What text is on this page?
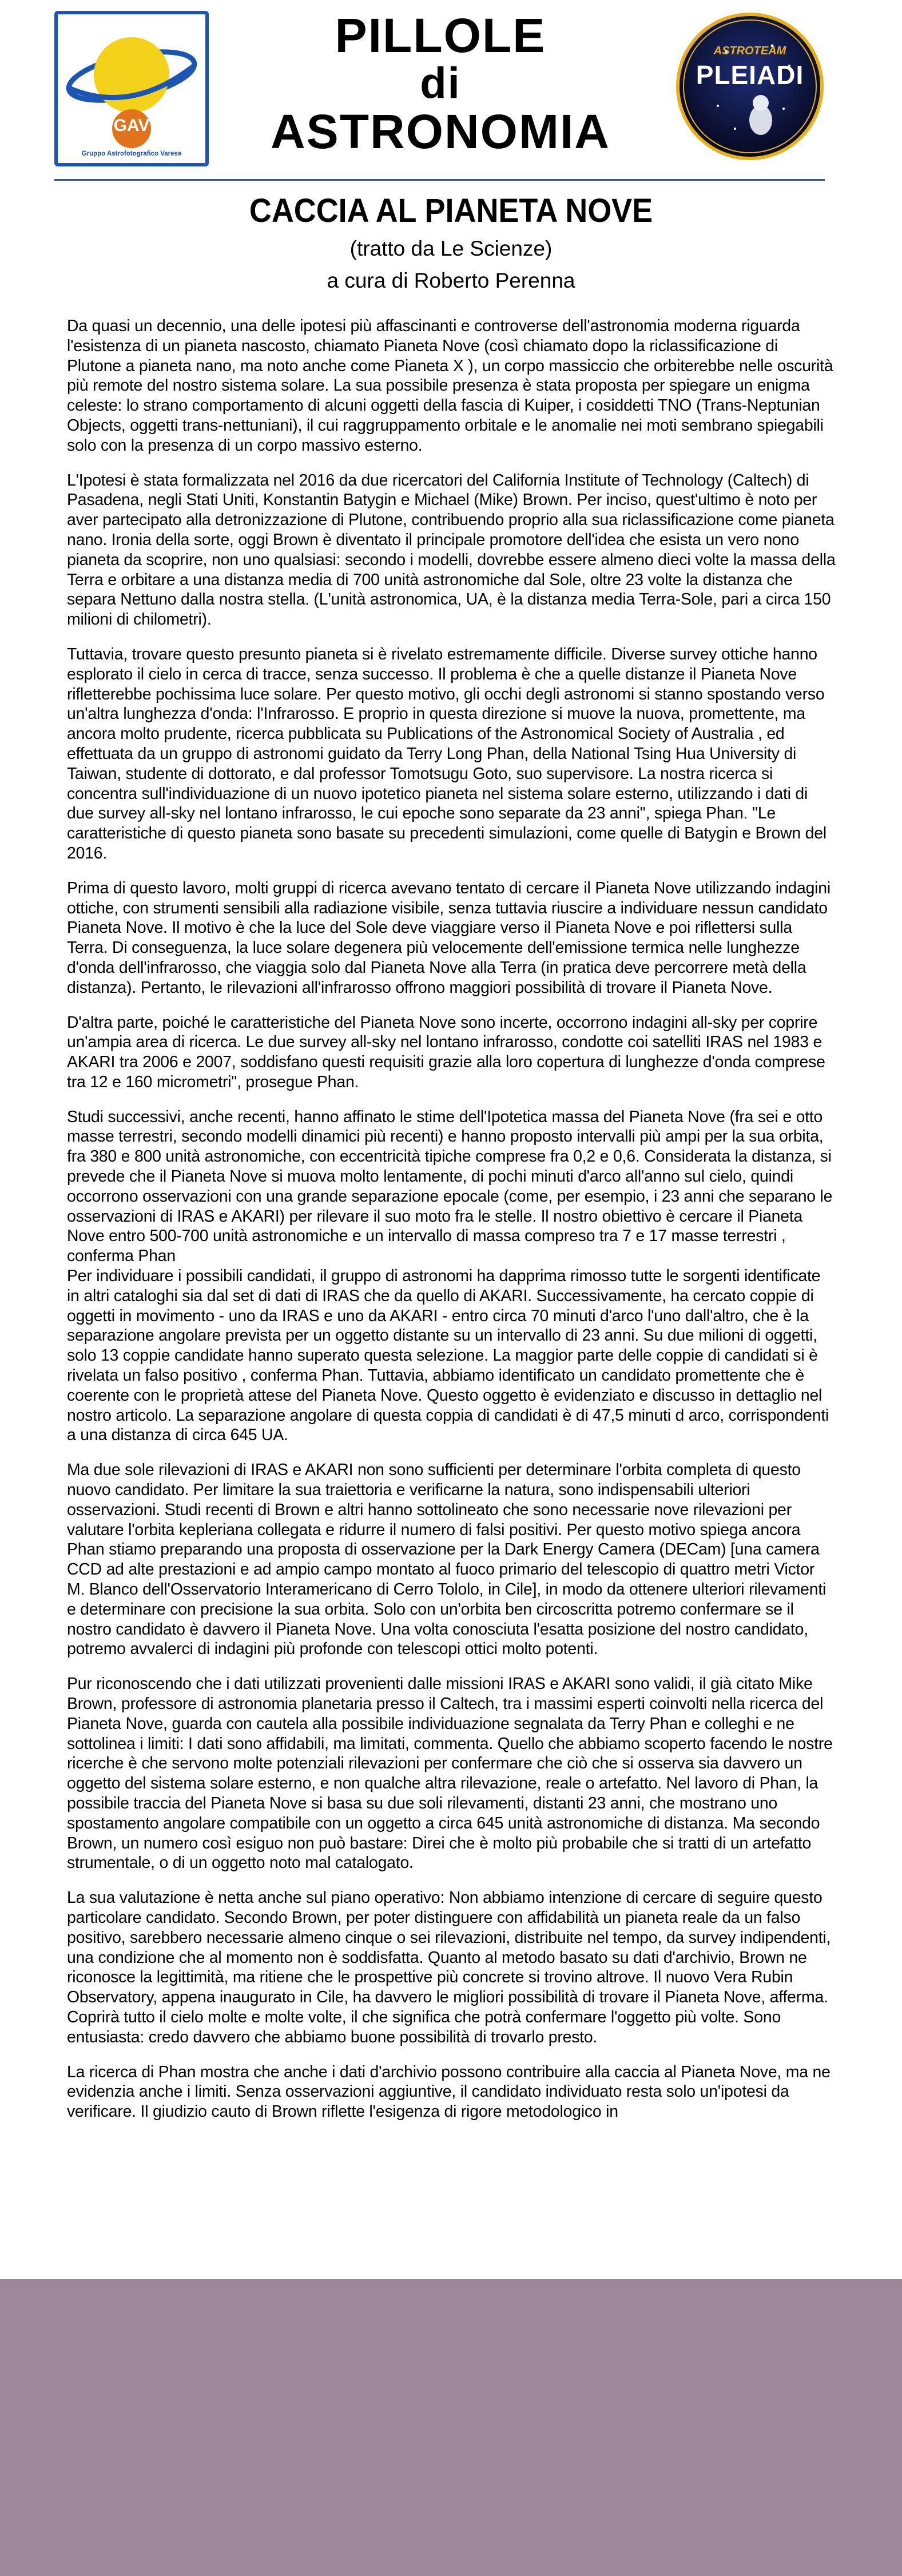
GAV
Gruppo Astrofotografico Varese
PILLOLE
di
ASTRONOMIA
ASTROTEAM
PLEIADI
CACCIA AL PIANETA NOVE
(tratto da Le Scienze)
a cura di Roberto Perenna

Da quasi un decennio, una delle ipotesi più affascinanti e controverse dell'astronomia moderna riguarda l'esistenza di un pianeta nascosto, chiamato Pianeta Nove (così chiamato dopo la riclassificazione di Plutone a pianeta nano, ma noto anche come Pianeta X ), un corpo massiccio che orbiterebbe nelle oscurità più remote del nostro sistema solare. La sua possibile presenza è stata proposta per spiegare un enigma celeste: lo strano comportamento di alcuni oggetti della fascia di Kuiper, i cosiddetti TNO (Trans-Neptunian Objects, oggetti trans-nettuniani), il cui raggruppamento orbitale e le anomalie nei moti sembrano spiegabili solo con la presenza di un corpo massivo esterno.

L'Ipotesi è stata formalizzata nel 2016 da due ricercatori del California Institute of Technology (Caltech) di Pasadena, negli Stati Uniti, Konstantin Batygin e Michael (Mike) Brown. Per inciso, quest'ultimo è noto per aver partecipato alla detronizzazione di Plutone, contribuendo proprio alla sua riclassificazione come pianeta nano. Ironia della sorte, oggi Brown è diventato il principale promotore dell'idea che esista un vero nono pianeta da scoprire, non uno qualsiasi: secondo i modelli, dovrebbe essere almeno dieci volte la massa della Terra e orbitare a una distanza media di 700 unità astronomiche dal Sole, oltre 23 volte la distanza che separa Nettuno dalla nostra stella. (L'unità astronomica, UA, è la distanza media Terra-Sole, pari a circa 150 milioni di chilometri).

Tuttavia, trovare questo presunto pianeta si è rivelato estremamente difficile. Diverse survey ottiche hanno esplorato il cielo in cerca di tracce, senza successo. Il problema è che a quelle distanze il Pianeta Nove rifletterebbe pochissima luce solare. Per questo motivo, gli occhi degli astronomi si stanno spostando verso un'altra lunghezza d'onda: l'Infrarosso. E proprio in questa direzione si muove la nuova, promettente, ma ancora molto prudente, ricerca pubblicata su Publications of the Astronomical Society of Australia , ed effettuata da un gruppo di astronomi guidato da Terry Long Phan, della National Tsing Hua University di Taiwan, studente di dottorato, e dal professor Tomotsugu Goto, suo supervisore. La nostra ricerca si concentra sull'individuazione di un nuovo ipotetico pianeta nel sistema solare esterno, utilizzando i dati di due survey all-sky nel lontano infrarosso, le cui epoche sono separate da 23 anni", spiega Phan. "Le caratteristiche di questo pianeta sono basate su precedenti simulazioni, come quelle di Batygin e Brown del 2016.

Prima di questo lavoro, molti gruppi di ricerca avevano tentato di cercare il Pianeta Nove utilizzando indagini ottiche, con strumenti sensibili alla radiazione visibile, senza tuttavia riuscire a individuare nessun candidato Pianeta Nove. Il motivo è che la luce del Sole deve viaggiare verso il Pianeta Nove e poi riflettersi sulla Terra. Di conseguenza, la luce solare degenera più velocemente dell'emissione termica nelle lunghezze d'onda dell'infrarosso, che viaggia solo dal Pianeta Nove alla Terra (in pratica deve percorrere metà della distanza). Pertanto, le rilevazioni all'infrarosso offrono maggiori possibilità di trovare il Pianeta Nove.

D'altra parte, poiché le caratteristiche del Pianeta Nove sono incerte, occorrono indagini all-sky per coprire un'ampia area di ricerca. Le due survey all-sky nel lontano infrarosso, condotte coi satelliti IRAS nel 1983 e AKARI tra 2006 e 2007, soddisfano questi requisiti grazie alla loro copertura di lunghezze d'onda comprese tra 12 e 160 micrometri", prosegue Phan.

Studi successivi, anche recenti, hanno affinato le stime dell'Ipotetica massa del Pianeta Nove (fra sei e otto masse terrestri, secondo modelli dinamici più recenti) e hanno proposto intervalli più ampi per la sua orbita, fra 380 e 800 unità astronomiche, con eccentricità tipiche comprese fra 0,2 e 0,6. Considerata la distanza, si prevede che il Pianeta Nove si muova molto lentamente, di pochi minuti d'arco all'anno sul cielo, quindi occorrono osservazioni con una grande separazione epocale (come, per esempio, i 23 anni che separano le osservazioni di IRAS e AKARI) per rilevare il suo moto fra le stelle. Il nostro obiettivo è cercare il Pianeta Nove entro 500-700 unità astronomiche e un intervallo di massa compreso tra 7 e 17 masse terrestri , conferma Phan

Per individuare i possibili candidati, il gruppo di astronomi ha dapprima rimosso tutte le sorgenti identificate in altri cataloghi sia dal set di dati di IRAS che da quello di AKARI. Successivamente, ha cercato coppie di oggetti in movimento - uno da IRAS e uno da AKARI - entro circa 70 minuti d'arco l'uno dall'altro, che è la separazione angolare prevista per un oggetto distante su un intervallo di 23 anni. Su due milioni di oggetti, solo 13 coppie candidate hanno superato questa selezione. La maggior parte delle coppie di candidati si è rivelata un falso positivo , conferma Phan. Tuttavia, abbiamo identificato un candidato promettente che è coerente con le proprietà attese del Pianeta Nove. Questo oggetto è evidenziato e discusso in dettaglio nel nostro articolo. La separazione angolare di questa coppia di candidati è di 47,5 minuti d arco, corrispondenti a una distanza di circa 645 UA.

Ma due sole rilevazioni di IRAS e AKARI non sono sufficienti per determinare l'orbita completa di questo nuovo candidato. Per limitare la sua traiettoria e verificarne la natura, sono indispensabili ulteriori osservazioni. Studi recenti di Brown e altri hanno sottolineato che sono necessarie nove rilevazioni per valutare l'orbita kepleriana collegata e ridurre il numero di falsi positivi. Per questo motivo spiega ancora Phan stiamo preparando una proposta di osservazione per la Dark Energy Camera (DECam) [una camera CCD ad alte prestazioni e ad ampio campo montato al fuoco primario del telescopio di quattro metri Victor M. Blanco dell'Osservatorio Interamericano di Cerro Tololo, in Cile], in modo da ottenere ulteriori rilevamenti e determinare con precisione la sua orbita. Solo con un'orbita ben circoscritta potremo confermare se il nostro candidato è davvero il Pianeta Nove. Una volta conosciuta l'esatta posizione del nostro candidato, potremo avvalerci di indagini più profonde con telescopi ottici molto potenti.

Pur riconoscendo che i dati utilizzati provenienti dalle missioni IRAS e AKARI sono validi, il già citato Mike Brown, professore di astronomia planetaria presso il Caltech, tra i massimi esperti coinvolti nella ricerca del Pianeta Nove, guarda con cautela alla possibile individuazione segnalata da Terry Phan e colleghi e ne sottolinea i limiti: I dati sono affidabili, ma limitati, commenta. Quello che abbiamo scoperto facendo le nostre ricerche è che servono molte potenziali rilevazioni per confermare che ciò che si osserva sia davvero un oggetto del sistema solare esterno, e non qualche altra rilevazione, reale o artefatto. Nel lavoro di Phan, la possibile traccia del Pianeta Nove si basa su due soli rilevamenti, distanti 23 anni, che mostrano uno spostamento angolare compatibile con un oggetto a circa 645 unità astronomiche di distanza. Ma secondo Brown, un numero così esiguo non può bastare: Direi che è molto più probabile che si tratti di un artefatto strumentale, o di un oggetto noto mal catalogato.

La sua valutazione è netta anche sul piano operativo: Non abbiamo intenzione di cercare di seguire questo particolare candidato. Secondo Brown, per poter distinguere con affidabilità un pianeta reale da un falso positivo, sarebbero necessarie almeno cinque o sei rilevazioni, distribuite nel tempo, da survey indipendenti, una condizione che al momento non è soddisfatta. Quanto al metodo basato su dati d'archivio, Brown ne riconosce la legittimità, ma ritiene che le prospettive più concrete si trovino altrove. Il nuovo Vera Rubin Observatory, appena inaugurato in Cile, ha davvero le migliori possibilità di trovare il Pianeta Nove, afferma. Coprirà tutto il cielo molte e molte volte, il che significa che potrà confermare l'oggetto più volte. Sono entusiasta: credo davvero che abbiamo buone possibilità di trovarlo presto.

La ricerca di Phan mostra che anche i dati d'archivio possono contribuire alla caccia al Pianeta Nove, ma ne evidenzia anche i limiti. Senza osservazioni aggiuntive, il candidato individuato resta solo un'ipotesi da verificare. Il giudizio cauto di Brown riflette l'esigenza di rigore metodologico in
